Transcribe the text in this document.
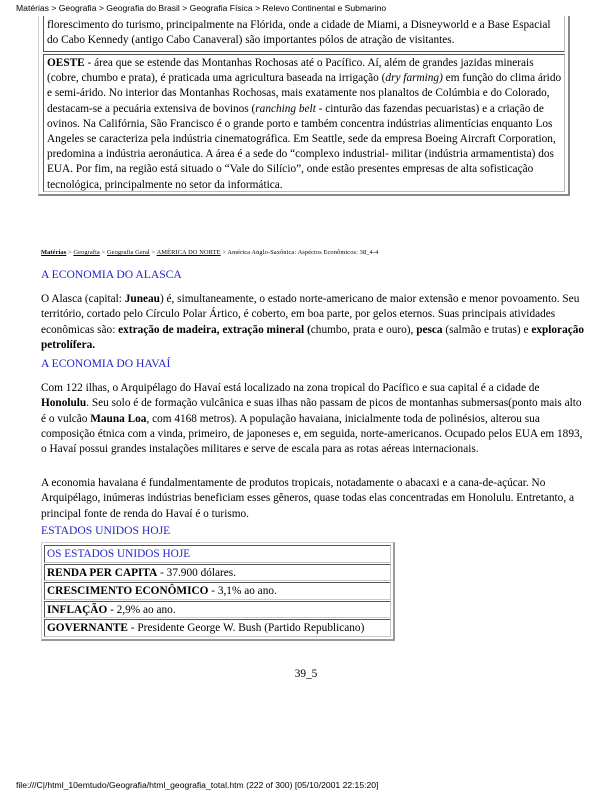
Matérias > Geografia > Geografia do Brasil > Geografia Física > Relevo Continental e Submarino
florescimento do turismo, principalmente na Flórida, onde a cidade de Miami, a Disneyworld e a Base Espacial do Cabo Kennedy (antigo Cabo Canaveral) são importantes pólos de atração de visitantes.
OESTE - área que se estende das Montanhas Rochosas até o Pacífico. Aí, além de grandes jazidas minerais (cobre, chumbo e prata), é praticada uma agricultura baseada na irrigação (dry farming) em função do clima árido e semi-árido. No interior das Montanhas Rochosas, mais exatamente nos planaltos de Colúmbia e do Colorado, destacam-se a pecuária extensiva de bovinos (ranching belt - cinturão das fazendas pecuaristas) e a criação de ovinos. Na Califórnia, São Francisco é o grande porto e também concentra indústrias alimentícias enquanto Los Angeles se caracteriza pela indústria cinematográfica. Em Seattle, sede da empresa Boeing Aircraft Corporation, predomina a indústria aeronáutica. A área é a sede do “complexo industrial- militar (indústria armamentista) dos EUA. Por fim, na região está situado o “Vale do Silício”, onde estão presentes empresas de alta sofisticação tecnológica, principalmente no setor da informática.
Matérias > Geografia > Geografia Geral > AMÉRICA DO NORTE > América Anglo-Saxônica: Aspéctos Econômicos: 38_4-4
A ECONOMIA DO ALASCA
O Alasca (capital: Juneau) é, simultaneamente, o estado norte-americano de maior extensão e menor povoamento. Seu território, cortado pelo Círculo Polar Ártico, é coberto, em boa parte, por gelos eternos. Suas principais atividades econômicas são: extração de madeira, extração mineral (chumbo, prata e ouro), pesca (salmão e trutas) e exploração petrolífera.
A ECONOMIA DO HAVAÍ
Com 122 ilhas, o Arquipélago do Havaí está localizado na zona tropical do Pacífico e sua capital é a cidade de Honolulu. Seu solo é de formação vulcânica e suas ilhas não passam de picos de montanhas submersas(ponto mais alto é o vulcão Mauna Loa, com 4168 metros). A população havaiana, inicialmente toda de polinésios, alterou sua composição étnica com a vinda, primeiro, de japoneses e, em seguida, norte-americanos. Ocupado pelos EUA em 1893, o Havaí possui grandes instalações militares e serve de escala para as rotas aéreas internacionais.
A economia havaiana é fundalmentamente de produtos tropicais, notadamente o abacaxi e a cana-de-açúcar. No Arquipélago, inúmeras indústrias beneficiam esses gêneros, quase todas elas concentradas em Honolulu. Entretanto, a principal fonte de renda do Havaí é o turismo.
ESTADOS UNIDOS HOJE
OS ESTADOS UNIDOS HOJE
RENDA PER CAPITA - 37.900 dólares.
CRESCIMENTO ECONÔMICO - 3,1% ao ano.
INFLAÇÃO - 2,9% ao ano.
GOVERNANTE - Presidente George W. Bush (Partido Republicano)
39_5
file:///C|/html_10emtudo/Geografia/html_geografia_total.htm (222 of 300) [05/10/2001 22:15:20]
